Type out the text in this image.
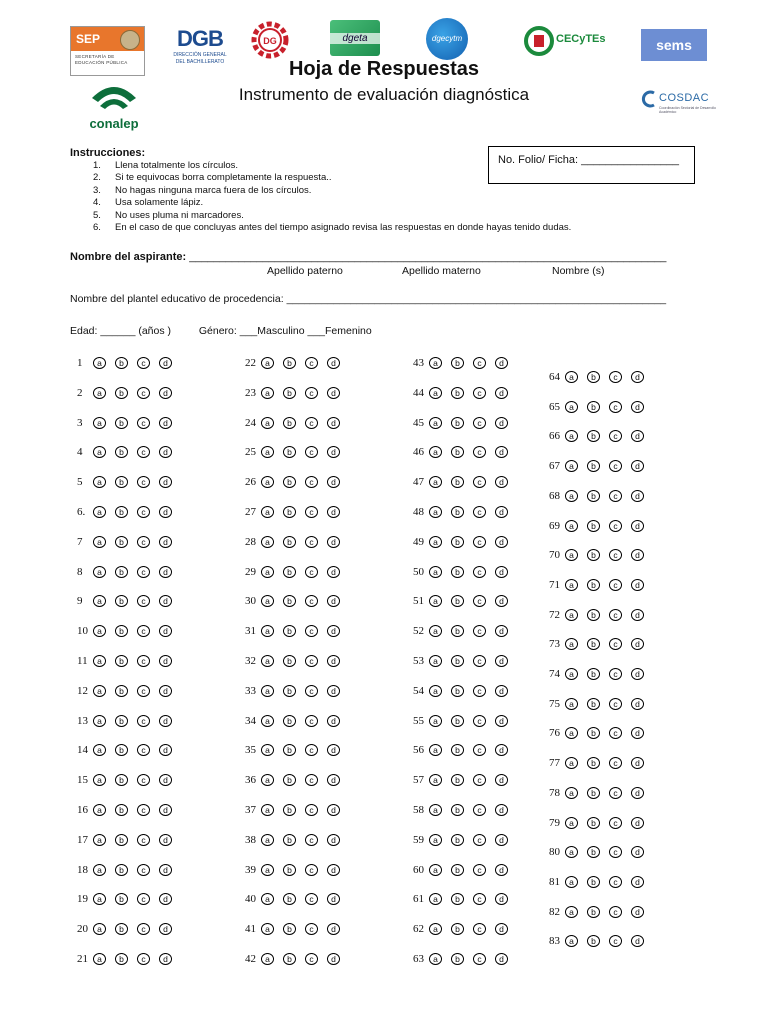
SEP
SECRETARÍA DE
EDUCACIÓN PÚBLICA
DGB
DIRECCIÓN GENERAL
DEL BACHILLERATO
DG	dgeta	dgecytm	CECyTEs	sems
conalep
COSDAC
Coordinación Sectorial de Desarrollo Académico
Hoja de Respuestas
Instrumento de evaluación diagnóstica
Instrucciones:
1. Llena totalmente los círculos.
2. Si te equivocas borra completamente la respuesta..
3. No hagas ninguna marca fuera de los círculos.
4. Usa solamente lápiz.
5. No uses pluma ni marcadores.
6. En el caso de que concluyas antes del tiempo asignado revisa las respuestas en donde hayas tenido dudas.
No. Folio/ Ficha: ________________
Nombre del aspirante: ______________________________________________________________________________
Apellido paterno	Apellido materno	Nombre (s)
Nombre del plantel educativo de procedencia: _________________________________________________________________
Edad: ______ (años )	Género: ___Masculino ___Femenino
1	a	b	c	d
2	a	b	c	d
3	a	b	c	d
4	a	b	c	d
5	a	b	c	d
6.	a	b	c	d
7	a	b	c	d
8	a	b	c	d
9	a	b	c	d
10	a	b	c	d
11	a	b	c	d
12	a	b	c	d
13	a	b	c	d
14	a	b	c	d
15	a	b	c	d
16	a	b	c	d
17	a	b	c	d
18	a	b	c	d
19	a	b	c	d
20	a	b	c	d
21	a	b	c	d
22	a	b	c	d
23	a	b	c	d
24	a	b	c	d
25	a	b	c	d
26	a	b	c	d
27	a	b	c	d
28	a	b	c	d
29	a	b	c	d
30	a	b	c	d
31	a	b	c	d
32	a	b	c	d
33	a	b	c	d
34	a	b	c	d
35	a	b	c	d
36	a	b	c	d
37	a	b	c	d
38	a	b	c	d
39	a	b	c	d
40	a	b	c	d
41	a	b	c	d
42	a	b	c	d
43	a	b	c	d
44	a	b	c	d
45	a	b	c	d
46	a	b	c	d
47	a	b	c	d
48	a	b	c	d
49	a	b	c	d
50	a	b	c	d
51	a	b	c	d
52	a	b	c	d
53	a	b	c	d
54	a	b	c	d
55	a	b	c	d
56	a	b	c	d
57	a	b	c	d
58	a	b	c	d
59	a	b	c	d
60	a	b	c	d
61	a	b	c	d
62	a	b	c	d
63	a	b	c	d
64	a	b	c	d
65	a	b	c	d
66	a	b	c	d
67	a	b	c	d
68	a	b	c	d
69	a	b	c	d
70	a	b	c	d
71	a	b	c	d
72	a	b	c	d
73	a	b	c	d
74	a	b	c	d
75	a	b	c	d
76	a	b	c	d
77	a	b	c	d
78	a	b	c	d
79	a	b	c	d
80	a	b	c	d
81	a	b	c	d
82	a	b	c	d
83	a	b	c	d
